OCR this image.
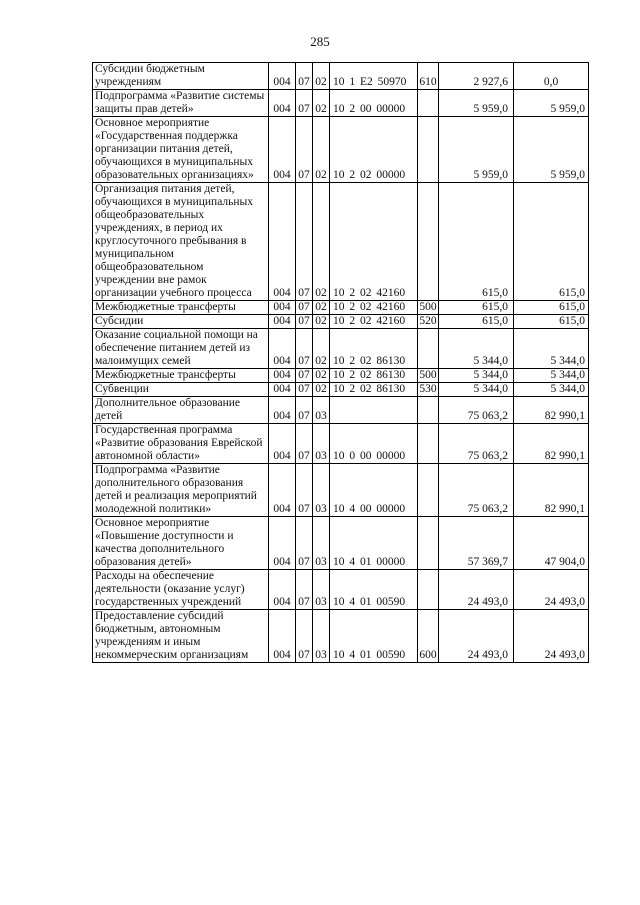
285
Субсидии бюджетным учреждениям	004	07	02	10 1 E2 50970	610	2 927,6	0,0
Подпрограмма «Развитие системы защиты прав детей»	004	07	02	10 2 00 00000		5 959,0	5 959,0
Основное мероприятие «Государственная поддержка организации питания детей, обучающихся в муниципальных образовательных организациях»	004	07	02	10 2 02 00000		5 959,0	5 959,0
Организация питания детей, обучающихся в муниципальных общеобразовательных учреждениях, в период их круглосуточного пребывания в муниципальном общеобразовательном учреждении вне рамок организации учебного процесса	004	07	02	10 2 02 42160		615,0	615,0
Межбюджетные трансферты	004	07	02	10 2 02 42160	500	615,0	615,0
Субсидии	004	07	02	10 2 02 42160	520	615,0	615,0
Оказание социальной помощи на обеспечение питанием детей из малоимущих семей	004	07	02	10 2 02 86130		5 344,0	5 344,0
Межбюджетные трансферты	004	07	02	10 2 02 86130	500	5 344,0	5 344,0
Субвенции	004	07	02	10 2 02 86130	530	5 344,0	5 344,0
Дополнительное образование детей	004	07	03			75 063,2	82 990,1
Государственная программа «Развитие образования Еврейской автономной области»	004	07	03	10 0 00 00000		75 063,2	82 990,1
Подпрограмма «Развитие дополнительного образования детей и реализация мероприятий молодежной политики»	004	07	03	10 4 00 00000		75 063,2	82 990,1
Основное мероприятие «Повышение доступности и качества дополнительного образования детей»	004	07	03	10 4 01 00000		57 369,7	47 904,0
Расходы на обеспечение деятельности (оказание услуг) государственных учреждений	004	07	03	10 4 01 00590		24 493,0	24 493,0
Предоставление субсидий бюджетным, автономным учреждениям и иным некоммерческим организациям	004	07	03	10 4 01 00590	600	24 493,0	24 493,0
